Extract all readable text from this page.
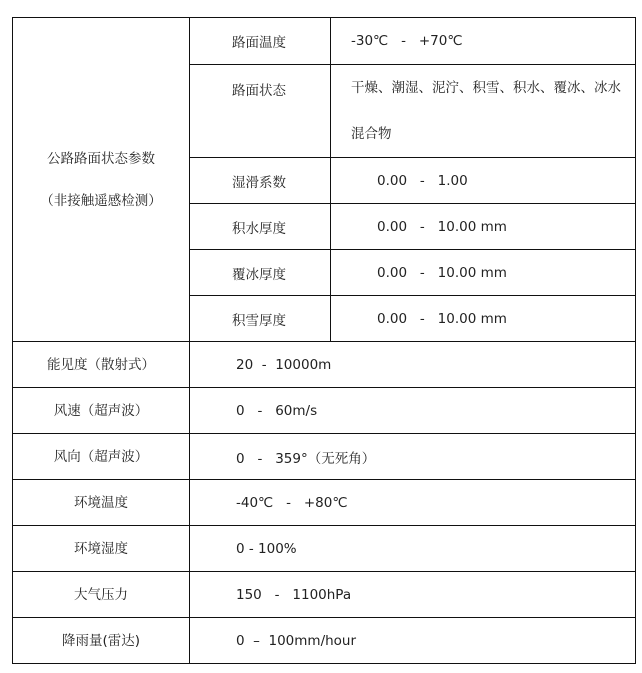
公路路面状态参数
（非接触遥感检测）	路面温度	-30℃   -   +70℃
	路面状态	干燥、潮湿、泥泞、积雪、积水、覆冰、冰水混合物

	湿滑系数	0.00   -   1.00
	积水厚度	0.00   -   10.00 mm
	覆冰厚度	0.00   -   10.00 mm
	积雪厚度	0.00   -   10.00 mm
能见度（散射式）	20  -  10000m	
风速（超声波）	0   -   60m/s	
风向（超声波）	0   -   359°（无死角）	
环境温度	-40℃   -   +80℃	
环境湿度	0 - 100%	
大气压力	150   -   1100hPa	
降雨量(雷达)	0  –  100mm/hour	
